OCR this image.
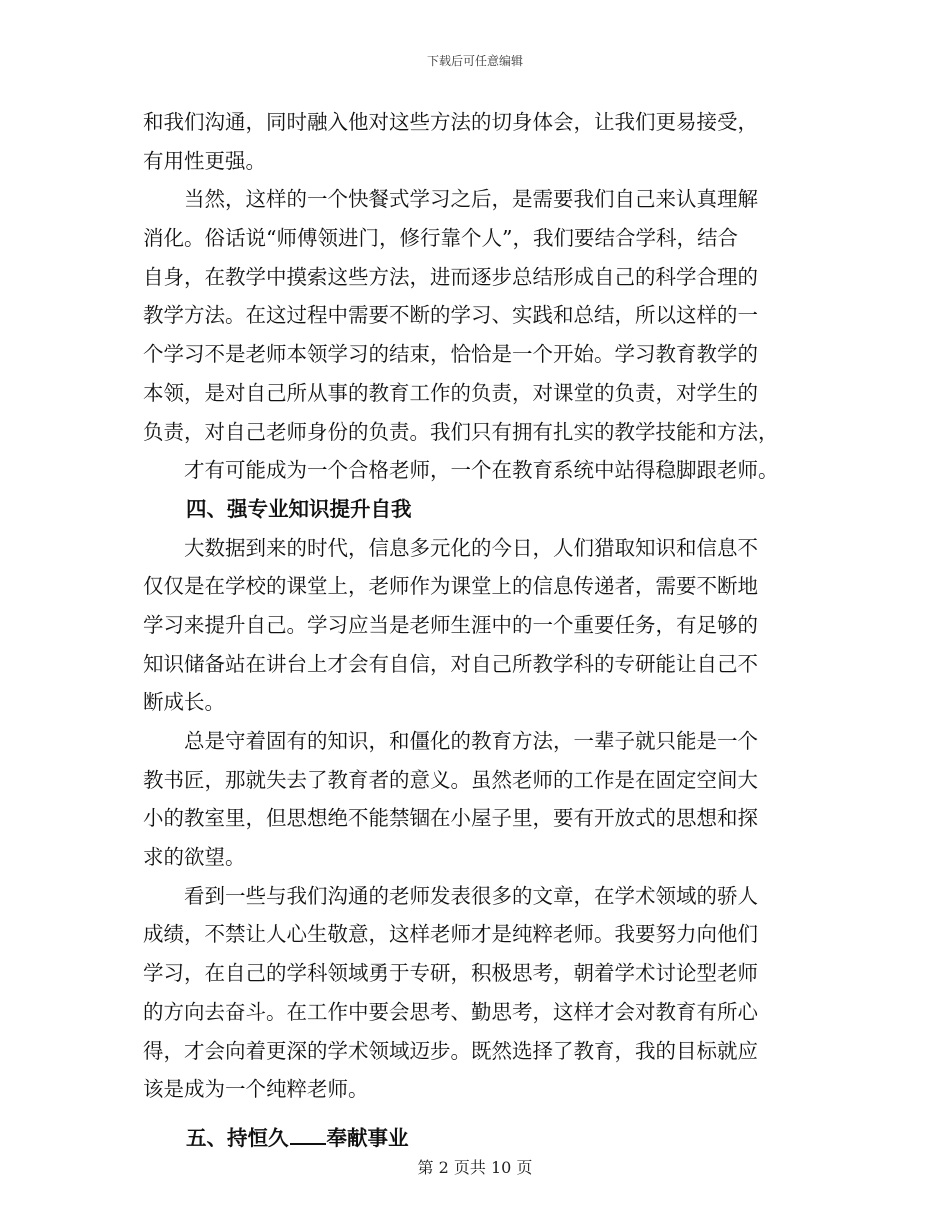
下载后可任意编辑
和我们沟通，同时融入他对这些方法的切身体会，让我们更易接受，
有用性更强。
当然，这样的一个快餐式学习之后，是需要我们自己来认真理解
消化。俗话说“师傅领进门，修行靠个人”，我们要结合学科，结合
自身，在教学中摸索这些方法，进而逐步总结形成自己的科学合理的
教学方法。在这过程中需要不断的学习、实践和总结，所以这样的一
个学习不是老师本领学习的结束，恰恰是一个开始。学习教育教学的
本领，是对自己所从事的教育工作的负责，对课堂的负责，对学生的
负责，对自己老师身份的负责。我们只有拥有扎实的教学技能和方法，
才有可能成为一个合格老师，一个在教育系统中站得稳脚跟老师。
四、强专业知识提升自我
大数据到来的时代，信息多元化的今日，人们猎取知识和信息不
仅仅是在学校的课堂上，老师作为课堂上的信息传递者，需要不断地
学习来提升自己。学习应当是老师生涯中的一个重要任务，有足够的
知识储备站在讲台上才会有自信，对自己所教学科的专研能让自己不
断成长。
总是守着固有的知识，和僵化的教育方法，一辈子就只能是一个
教书匠，那就失去了教育者的意义。虽然老师的工作是在固定空间大
小的教室里，但思想绝不能禁锢在小屋子里，要有开放式的思想和探
求的欲望。
看到一些与我们沟通的老师发表很多的文章，在学术领域的骄人
成绩，不禁让人心生敬意，这样老师才是纯粹老师。我要努力向他们
学习，在自己的学科领域勇于专研，积极思考，朝着学术讨论型老师
的方向去奋斗。在工作中要会思考、勤思考，这样才会对教育有所心
得，才会向着更深的学术领域迈步。既然选择了教育，我的目标就应
该是成为一个纯粹老师。
五、持恒久 奉献事业
第 2 页共 10 页
